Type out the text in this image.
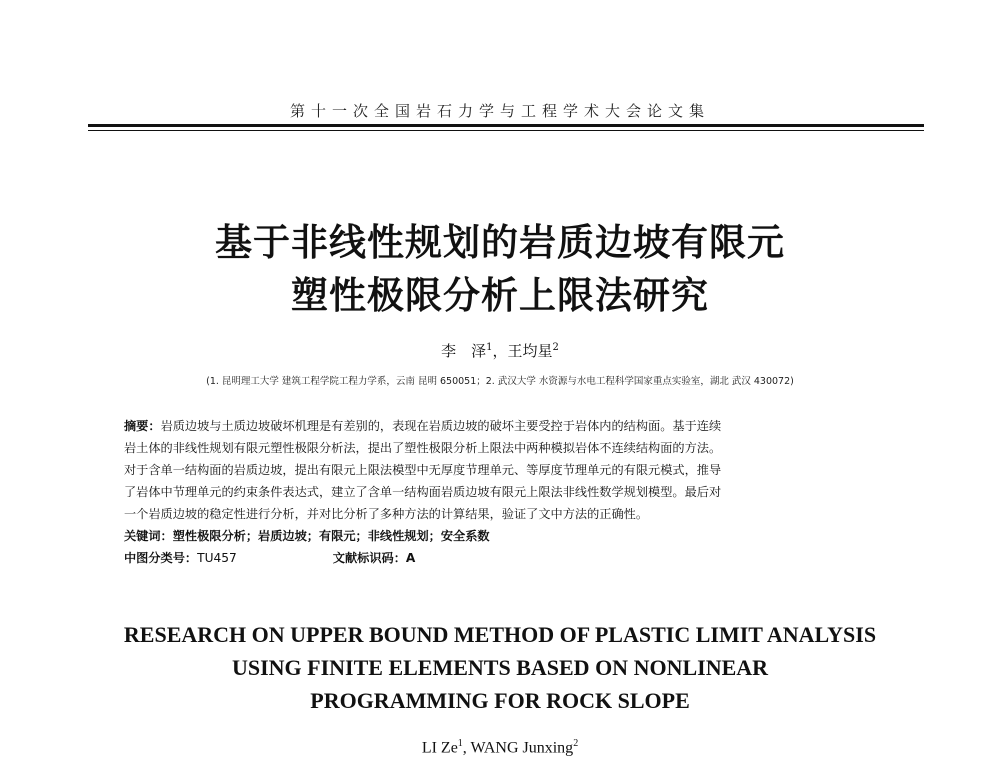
第十一次全国岩石力学与工程学术大会论文集
基于非线性规划的岩质边坡有限元
塑性极限分析上限法研究
李　泽$^1$，王均星$^2$
(1. 昆明理工大学 建筑工程学院工程力学系，云南 昆明 650051；2. 武汉大学 水资源与水电工程科学国家重点实验室，湖北 武汉 430072)

摘要：岩质边坡与土质边坡破坏机理是有差别的，表现在岩质边坡的破坏主要受控于岩体内的结构面。基于连续

岩土体的非线性规划有限元塑性极限分析法，提出了塑性极限分析上限法中两种模拟岩体不连续结构面的方法。

对于含单一结构面的岩质边坡，提出有限元上限法模型中无厚度节理单元、等厚度节理单元的有限元模式，推导

了岩体中节理单元的约束条件表达式，建立了含单一结构面岩质边坡有限元上限法非线性数学规划模型。最后对

一个岩质边坡的稳定性进行分析，并对比分析了多种方法的计算结果，验证了文中方法的正确性。

关键词：塑性极限分析；岩质边坡；有限元；非线性规划；安全系数

中图分类号：TU457	文献标识码：A

RESEARCH ON UPPER BOUND METHOD OF PLASTIC LIMIT ANALYSIS
USING FINITE ELEMENTS BASED ON NONLINEAR
PROGRAMMING FOR ROCK SLOPE
LI Ze$^1$, WANG Junxing$^2$
